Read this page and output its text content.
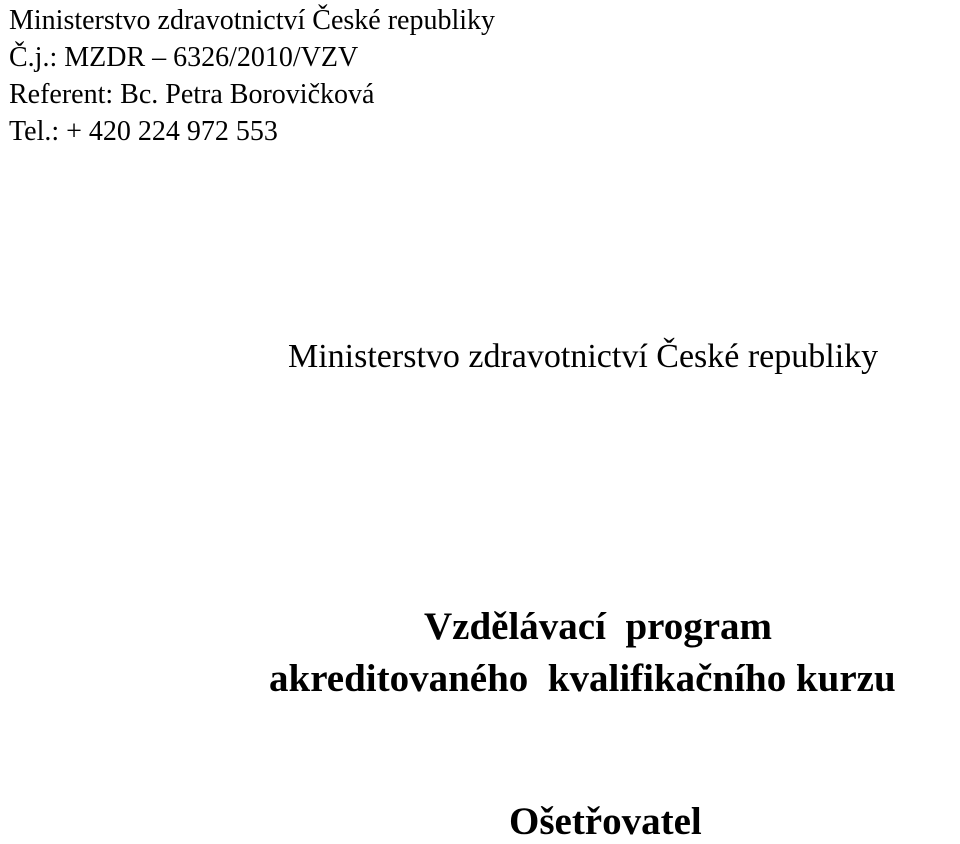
Ministerstvo zdravotnictví České republiky

Č.j.: MZDR – 6326/2010/VZV

Referent: Bc. Petra Borovičková

Tel.: + 420 224 972 553

Ministerstvo zdravotnictví České republiky

Vzdělávací  program

akreditovaného  kvalifikačního kurzu

Ošetřovatel
